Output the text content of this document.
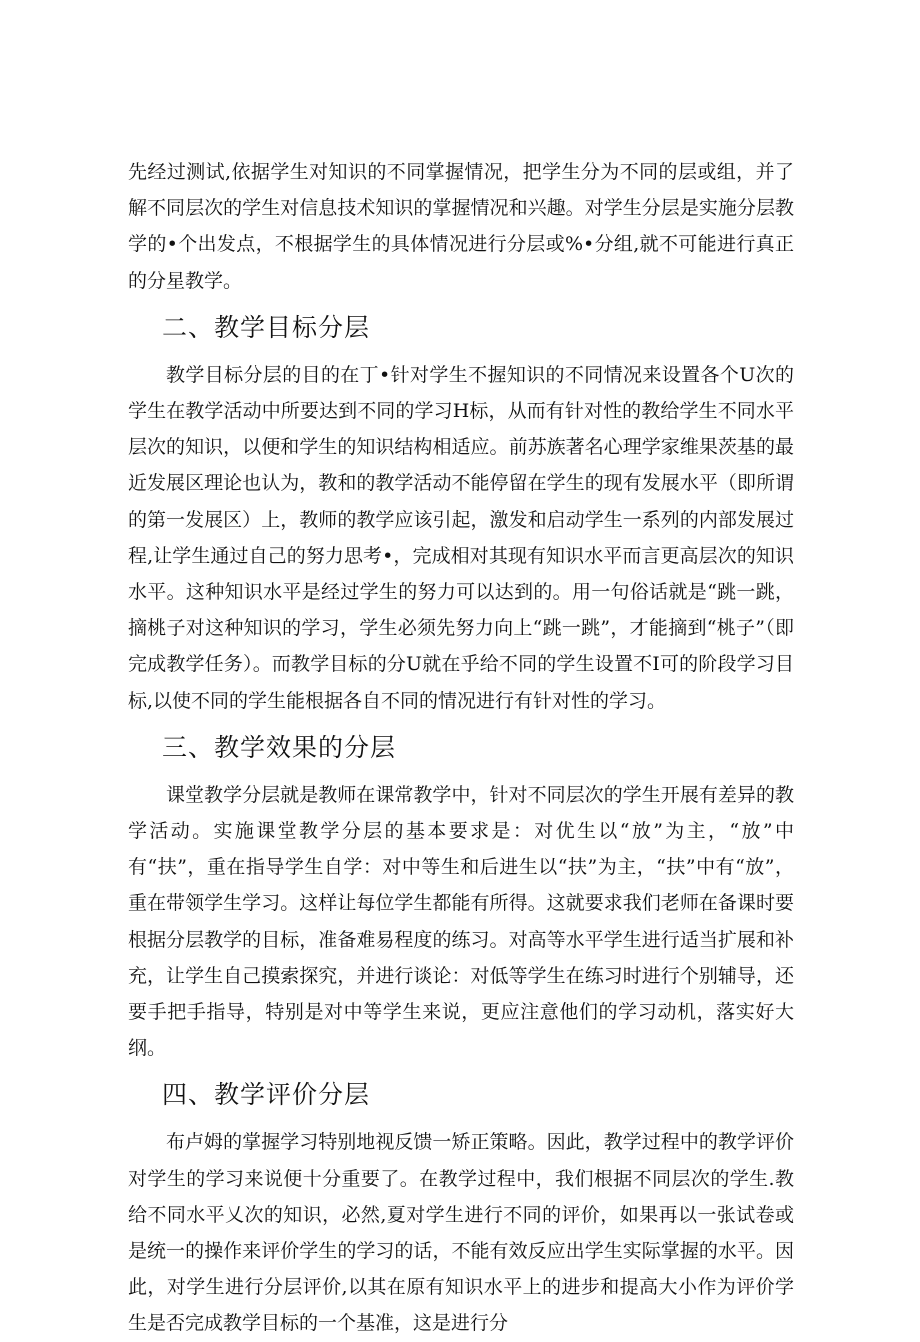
先经过测试,依据学生对知识的不同掌握情况，把学生分为不同的层或组，并了解不同层次的学生对信息技术知识的掌握情况和兴趣。对学生分层是实施分层教学的•个出发点，不根据学生的具体情况进行分层或%•分组,就不可能进行真正的分星教学。

二、教学目标分层

教学目标分层的目的在丁•针对学生不握知识的不同情况来设置各个U次的学生在教学活动中所要达到不同的学习H标，从而有针对性的教给学生不同水平层次的知识，以便和学生的知识结构相适应。前苏族著名心理学家维果茨基的最近发展区理论也认为，教和的教学活动不能停留在学生的现有发展水平（即所谓的第一发展区）上，教师的教学应该引起，激发和启动学生一系列的内部发展过程,让学生通过自己的努力思考•，完成相对其现有知识水平而言更高层次的知识水平。这种知识水平是经过学生的努力可以达到的。用一句俗话就是“跳一跳，摘桃子对这种知识的学习，学生必须先努力向上“跳一跳”，才能摘到“桃子”（即完成教学任务）。而教学目标的分U就在乎给不同的学生设置不I可的阶段学习目标,以使不同的学生能根据各自不同的情况进行有针对性的学习。

三、教学效果的分层

课堂教学分层就是教师在课常教学中，针对不同层次的学生开展有差异的教学活动。实施课堂教学分层的基本要求是：对优生以“放”为主，“放”中有“扶”，重在指导学生自学：对中等生和后进生以“扶”为主，“扶”中有“放”，重在带领学生学习。这样让每位学生都能有所得。这就要求我们老师在备课时要根据分层教学的目标，准备难易程度的练习。对高等水平学生进行适当扩展和补充，让学生自己摸索探究，并进行谈论：对低等学生在练习时进行个别辅导，还要手把手指导，特别是对中等学生来说，更应注意他们的学习动机，落实好大纲。

四、教学评价分层

布卢姆的掌握学习特别地视反馈一矫正策略。因此，教学过程中的教学评价对学生的学习来说便十分重要了。在教学过程中，我们根据不同层次的学生.教给不同水平乂次的知识，必然,夏对学生进行不同的评价，如果再以一张试卷或是统一的操作来评价学生的学习的话，不能有效反应出学生实际掌握的水平。因此，对学生进行分层评价,以其在原有知识水平上的进步和提高大小作为评价学生是否完成教学目标的一个基准，这是进行分
